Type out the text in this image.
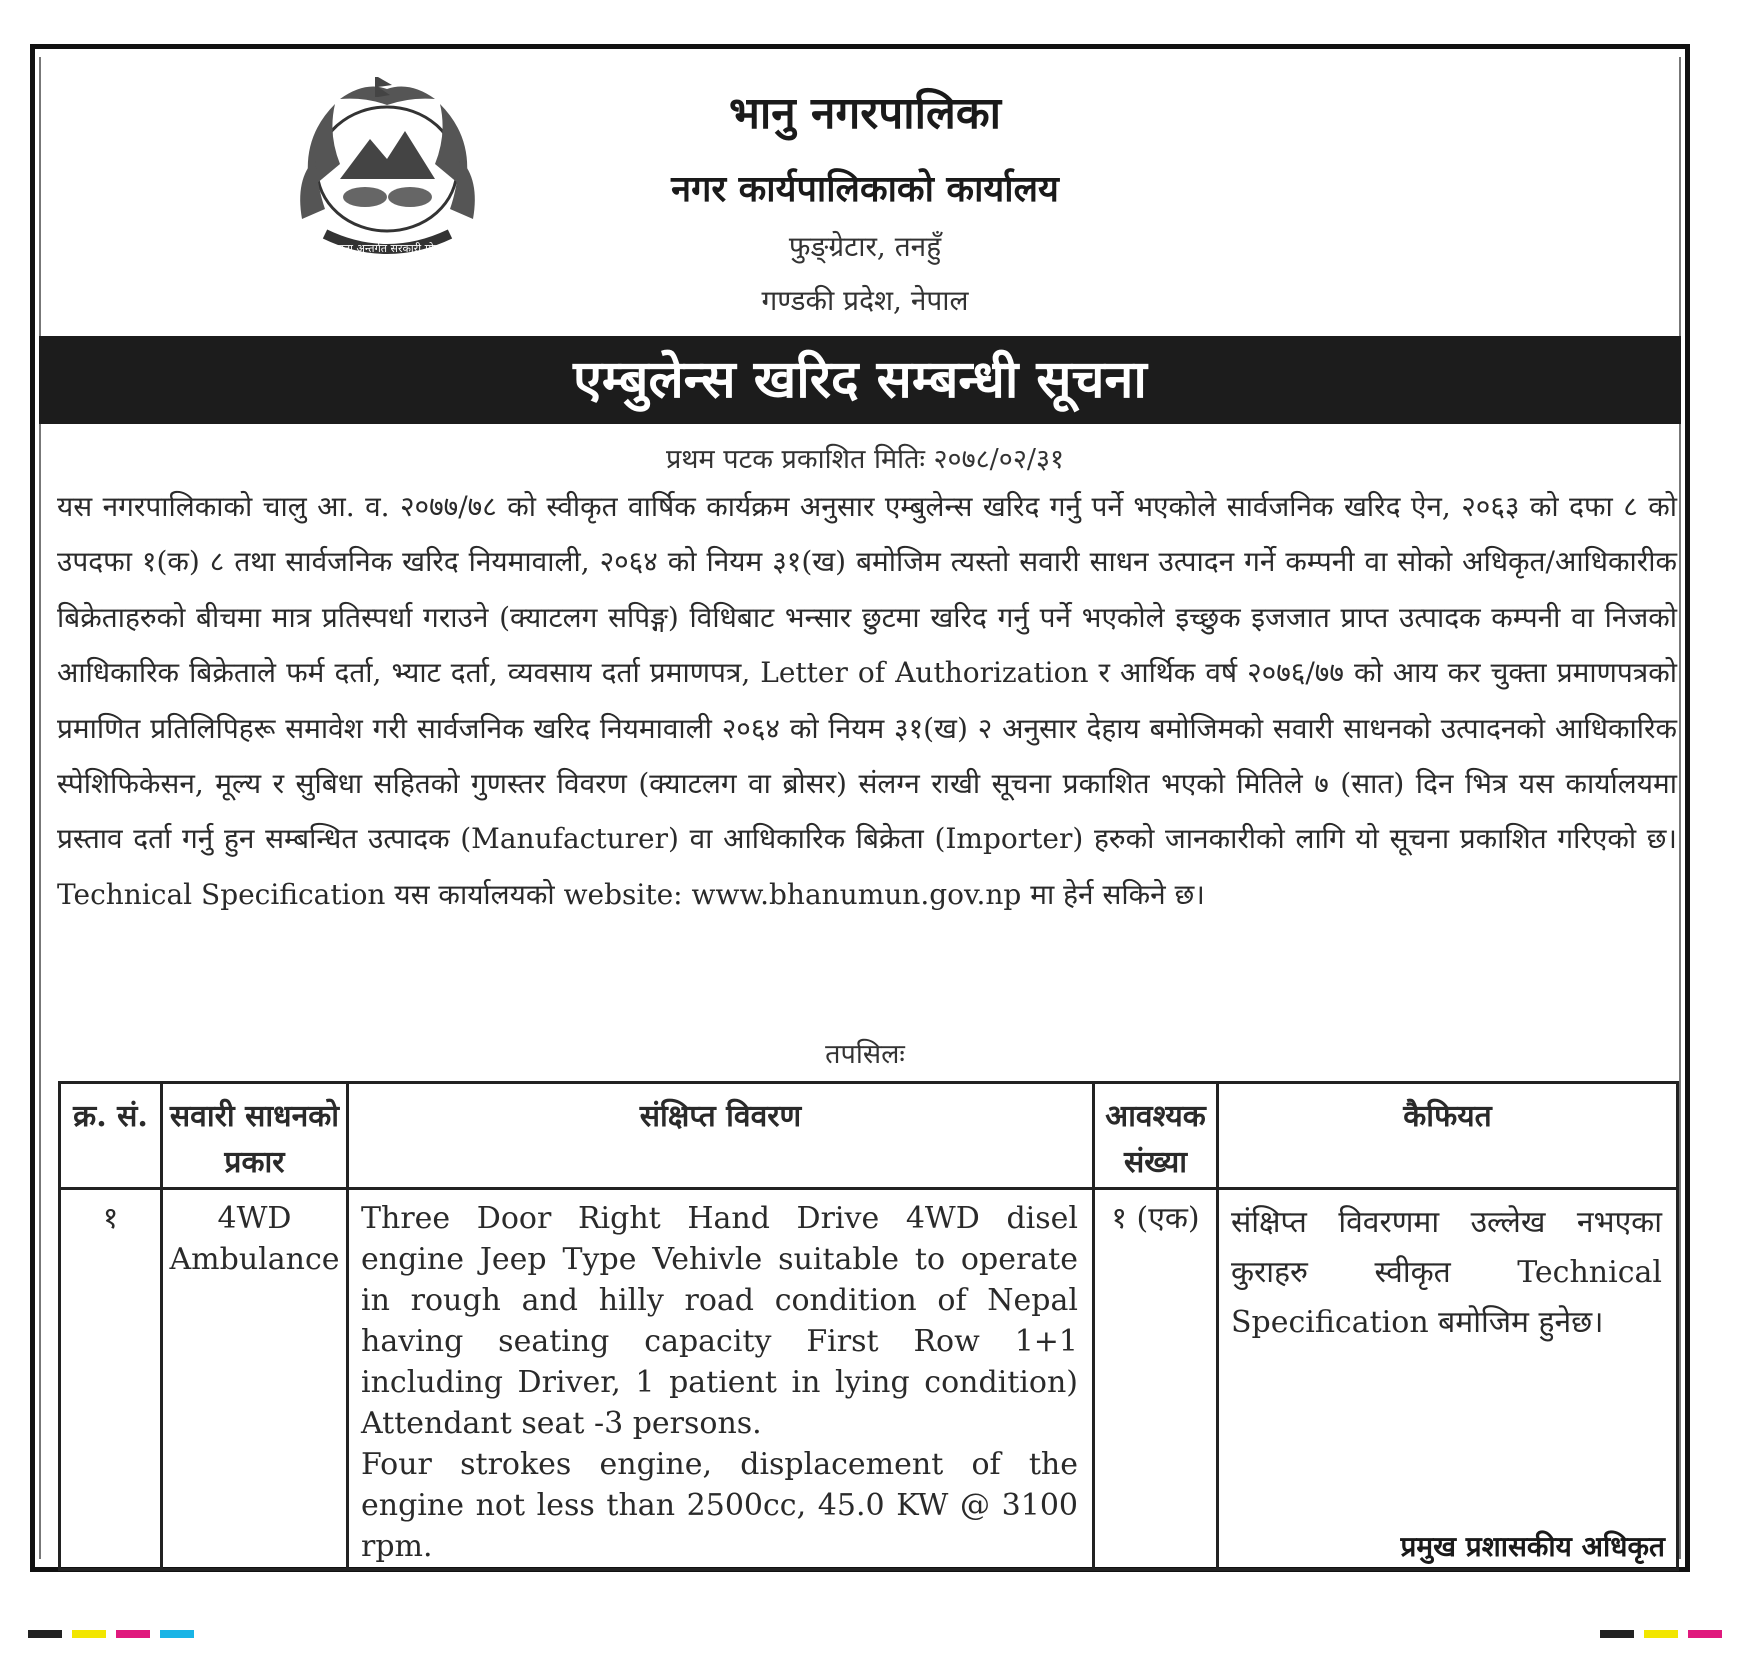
जनता अन्तर्गत सरकारी मोहर
भानु नगरपालिका
नगर कार्यपालिकाको कार्यालय
फुङ्ग्रेटार, तनहुँ
गण्डकी प्रदेश, नेपाल
एम्बुलेन्स खरिद सम्बन्धी सूचना
प्रथम पटक प्रकाशित मितिः २०७८/०२/३१
यस नगरपालिकाको चालु आ. व. २०७७/७८ को स्वीकृत वार्षिक कार्यक्रम अनुसार एम्बुलेन्स खरिद गर्नु पर्ने भएकोले सार्वजनिक खरिद ऐन, २०६३ को दफा ८ को उपदफा १(क) ८ तथा सार्वजनिक खरिद नियमावाली, २०६४ को नियम ३१(ख) बमोजिम त्यस्तो सवारी साधन उत्पादन गर्ने कम्पनी वा सोको अधिकृत/आधिकारीक बिक्रेताहरुको बीचमा मात्र प्रतिस्पर्धा गराउने (क्याटलग सपिङ्ग) विधिबाट भन्सार छुटमा खरिद गर्नु पर्ने भएकोले इच्छुक इजजात प्राप्त उत्पादक कम्पनी वा निजको आधिकारिक बिक्रेताले फर्म दर्ता, भ्याट दर्ता, व्यवसाय दर्ता प्रमाणपत्र, Letter of Authorization र आर्थिक वर्ष २०७६/७७ को आय कर चुक्ता प्रमाणपत्रको प्रमाणित प्रतिलिपिहरू समावेश गरी सार्वजनिक खरिद नियमावाली २०६४ को नियम ३१(ख) २ अनुसार देहाय बमोजिमको सवारी साधनको उत्पादनको आधिकारिक स्पेशिफिकेसन, मूल्य र सुबिधा सहितको गुणस्तर विवरण (क्याटलग वा ब्रोसर) संलग्न राखी सूचना प्रकाशित भएको मितिले ७ (सात) दिन भित्र यस कार्यालयमा प्रस्ताव दर्ता गर्नु हुन सम्बन्धित उत्पादक (Manufacturer) वा आधिकारिक बिक्रेता (Importer) हरुको जानकारीको लागि यो सूचना प्रकाशित गरिएको छ। Technical Specification यस कार्यालयको website: www.bhanumun.gov.np मा हेर्न सकिने छ।
तपसिलः
क्र. सं.	सवारी साधनको प्रकार	संक्षिप्त विवरण	आवश्यक संख्या	कैफियत
१	4WD Ambulance	Three Door Right Hand Drive 4WD disel engine Jeep Type Vehivle suitable to operate in rough and hilly road condition of Nepal having seating capacity First Row 1+1 including Driver, 1 patient in lying condition) Attendant seat -3 persons.
Four strokes engine, displacement of the engine not less than 2500cc, 45.0 KW @ 3100 rpm.	१ (एक)	संक्षिप्त विवरणमा उल्लेख नभएका कुराहरु स्वीकृत Technical Specification बमोजिम हुनेछ।
प्रमुख प्रशासकीय अधिकृत
